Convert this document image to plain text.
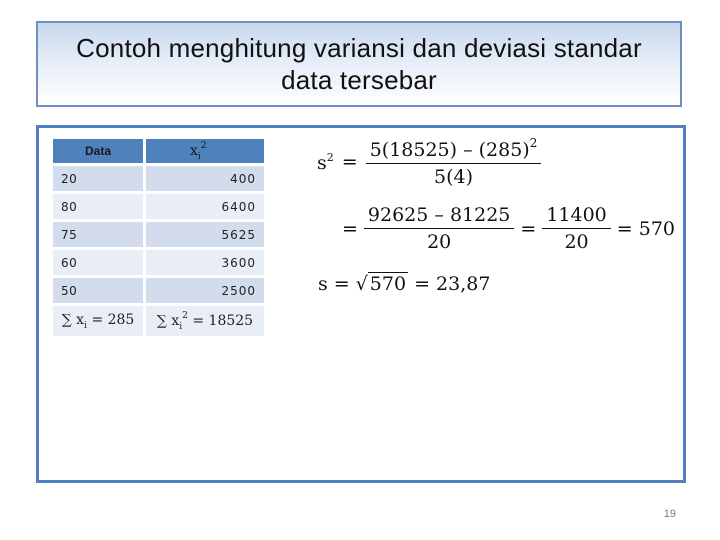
Contoh menghitung variansi dan deviasi standar
data tersebar
Data		$x_i^2$

20		400

80		6400

75		5625

60		3600

50		2500

∑ $x_i = 285$		∑ $x_i^2 = 18525$
$s^2 = \frac{5(18525) - (285)^2}{5(4)}$
= $\frac{92625 - 81225}{20} = \frac{11400}{20} = 570$
s = √ 570 = 23,87
19
